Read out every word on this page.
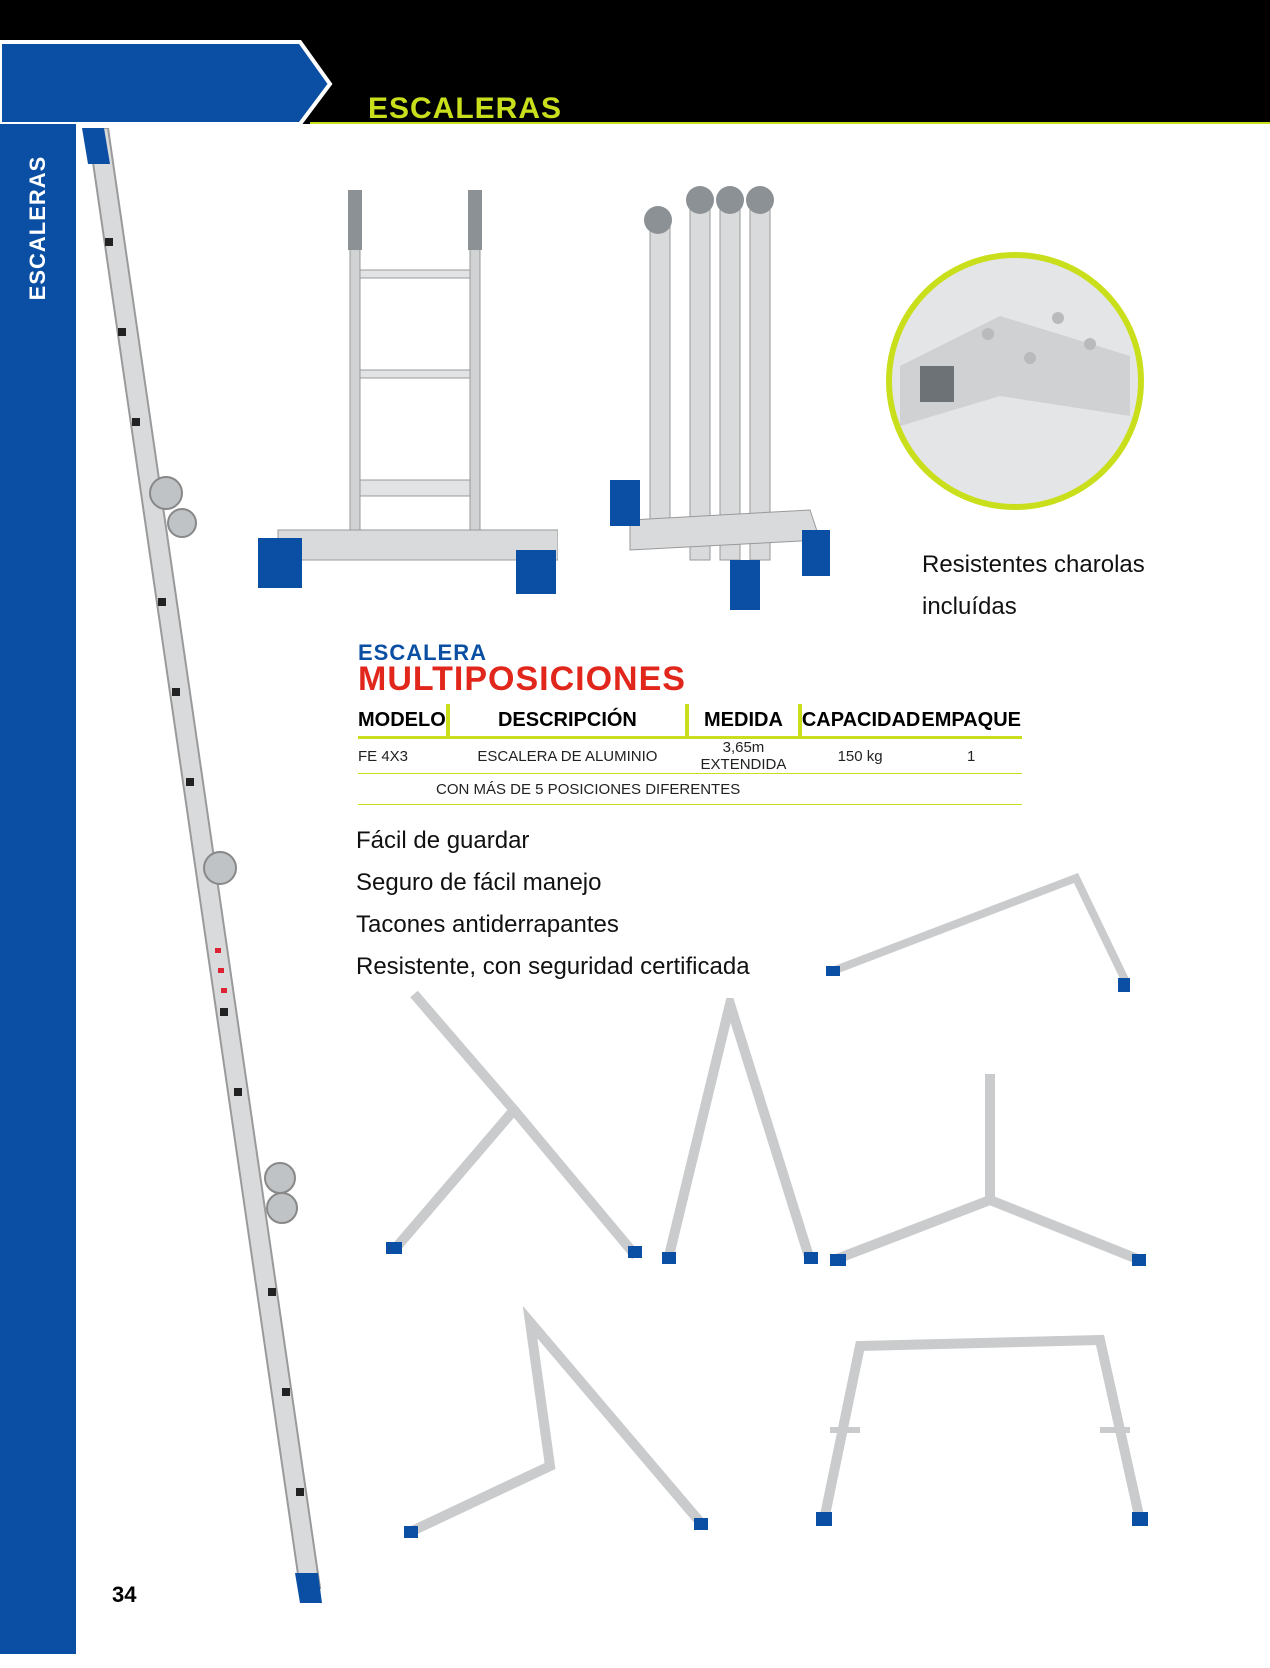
ESCALERAS
ESCALERAS
Resistentes charolas
incluídas
ESCALERA
MULTIPOSICIONES
MODELO	DESCRIPCIÓN	MEDIDA	CAPACIDAD	EMPAQUE
FE 4X3	ESCALERA DE ALUMINIO	3,65m EXTENDIDA	150 kg	1
CON MÁS DE 5 POSICIONES DIFERENTES				
Fácil de guardar
Seguro de fácil manejo
Tacones antiderrapantes
Resistente, con seguridad certificada
34
